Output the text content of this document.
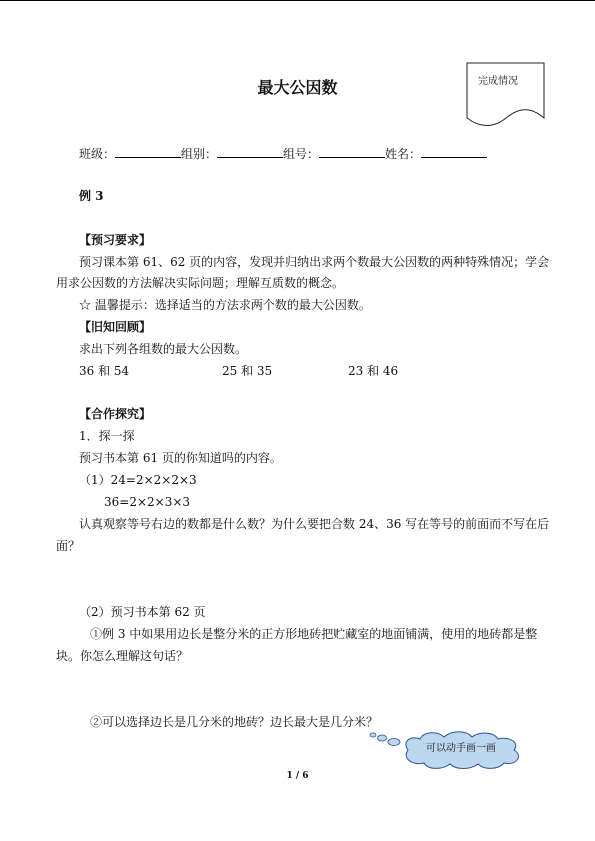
最大公因数	完成情况
班级：	组别：	组号：	姓名：
例 3
【预习要求】
预习课本第 61、62 页的内容，发现并归纳出求两个数最大公因数的两种特殊情况；学会
用求公因数的方法解决实际问题；理解互质数的概念。
☆ 温馨提示：选择适当的方法求两个数的最大公因数。
【旧知回顾】
求出下列各组数的最大公因数。
36 和 54	25 和 35	23 和 46
【合作探究】
1．探一探
预习书本第 61 页的你知道吗的内容。
（1）24=2×2×2×3
36=2×2×3×3
认真观察等号右边的数都是什么数？为什么要把合数 24、36 写在等号的前面而不写在后
面？
（2）预习书本第 62 页
①例 3 中如果用边长是整分米的正方形地砖把贮藏室的地面铺满，使用的地砖都是整
块。你怎么理解这句话？
②可以选择边长是几分米的地砖？边长最大是几分米？
可以动手画一画
1 / 6
